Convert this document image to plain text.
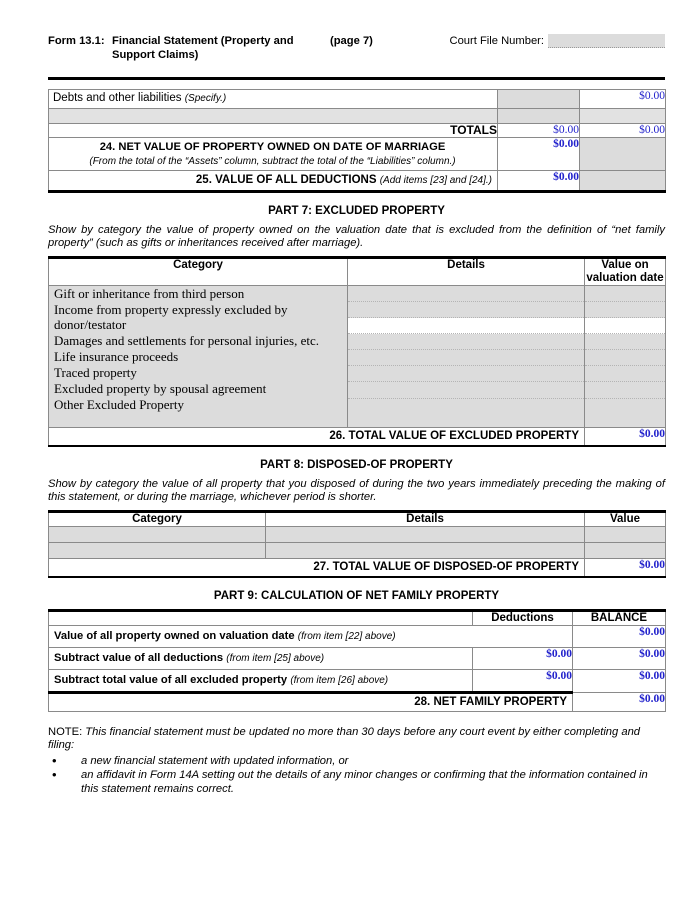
Form 13.1: Financial Statement (Property and Support Claims)
(page 7)	Court File Number:
Debts and other liabilities (Specify.)		$0.00

TOTALS	$0.00	$0.00

24. NET VALUE OF PROPERTY OWNED ON DATE OF MARRIAGE
(From the total of the “Assets” column, subtract the total of the “Liabilities” column.)	$0.00	

25. VALUE OF ALL DEDUCTIONS (Add items [23] and [24].)	$0.00	

PART 7: EXCLUDED PROPERTY
Show by category the value of property owned on the valuation date that is excluded from the definition of “net family property” (such as gifts or inheritances received after marriage).
Category	Details	Value on valuation date

Gift or inheritance from third person
Income from property expressly excluded by donor/testator
Damages and settlements for personal injuries, etc.
Life insurance proceeds
Traced property
Excluded property by spousal agreement
Other Excluded Property

26. TOTAL VALUE OF EXCLUDED PROPERTY		$0.00
PART 8: DISPOSED-OF PROPERTY
Show by category the value of all property that you disposed of during the two years immediately preceding the making of this statement, or during the marriage, whichever period is shorter.
Category	Details	Value

27. TOTAL VALUE OF DISPOSED-OF PROPERTY		$0.00
PART 9: CALCULATION OF NET FAMILY PROPERTY
	Deductions	BALANCE

Value of all property owned on valuation date (from item [22] above)		$0.00

Subtract value of all deductions (from item [25] above)	$0.00	$0.00

Subtract total value of all excluded property (from item [26] above)	$0.00	$0.00

28. NET FAMILY PROPERTY		$0.00
NOTE: This financial statement must be updated no more than 30 days before any court event by either completing and filing:
• a new financial statement with updated information, or
• an affidavit in Form 14A setting out the details of any minor changes or confirming that the information contained in this statement remains correct.
